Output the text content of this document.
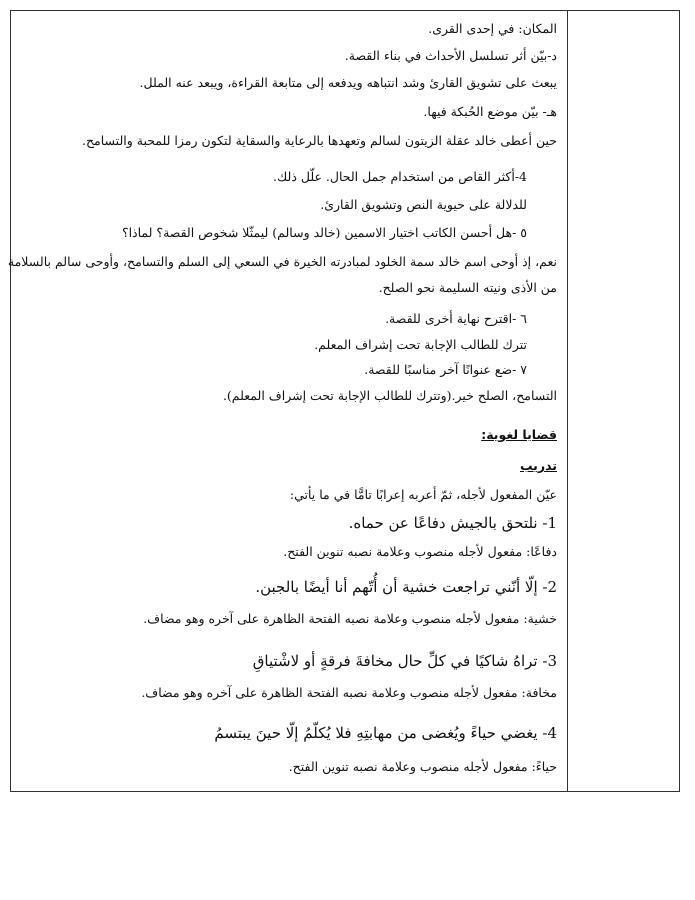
المكان: في إحدى القرى.
د-بيّن أثر تسلسل الأحداث في بناء القصة.
يبعث على تشويق القارئ وشد انتباهه ويدفعه إلى متابعة القراءة، ويبعد عنه الملل.
هـ- بيّن موضع الحُبكة فيها.
حين أعطى خالد عقلة الزيتون لسالم وتعهدها بالرعاية والسقاية لتكون رمزا للمحبة والتسامح.
4-أكثر القاص من استخدام جمل الحال. علّل ذلك.
للدلالة على حيوية النص وتشويق القارئ.
٥ -هل أحسن الكاتب اختيار الاسمين (خالد وسالم) ليمثّلا شخوص القصة؟ لماذا؟
نعم، إذ أوحى اسم خالد سمة الخلود لمبادرته الخيرة في السعي إلى السلم والتسامح، وأوحى سالم بالسلامة
من الأذى ونيته السليمة نحو الصلح.
٦ -اقترح نهاية أخرى للقصة.
تترك للطالب الإجابة تحت إشراف المعلم.
٧ -ضع عنوانًا آخر مناسبًا للقصة.
التسامح، الصلح خير.(وتترك للطالب الإجابة تحت إشراف المعلم).
قضايا لغوية:
تدريب
عيّن المفعول لأجله، ثمّ أعربه إعرابًا تامًّا في ما يأتي:
1- نلتحق بالجيش دفاعًا عن حماه.
دفاعًا: مفعول لأجله منصوب وعلامة نصبه تنوين الفتح.
2- إلّا أنّني تراجعت خشية أن أُتّهم أنا أيضًا بالجبن.
خشية: مفعول لأجله منصوب وعلامة نصبه الفتحة الظاهرة على آخره وهو مضاف.
3- تراهُ شاكيًا في كلِّ حال مخافةَ فرقةٍ أو لاشْتياقِ
مخافة: مفعول لأجله منصوب وعلامة نصبه الفتحة الظاهرة على آخره وهو مضاف.
4- يغضي حياءً ويُغضى من مهابتِهِ فلا يُكلّمُ إلّا حينَ يبتسمُ
حياءً: مفعول لأجله منصوب وعلامة نصبه تنوين الفتح.
